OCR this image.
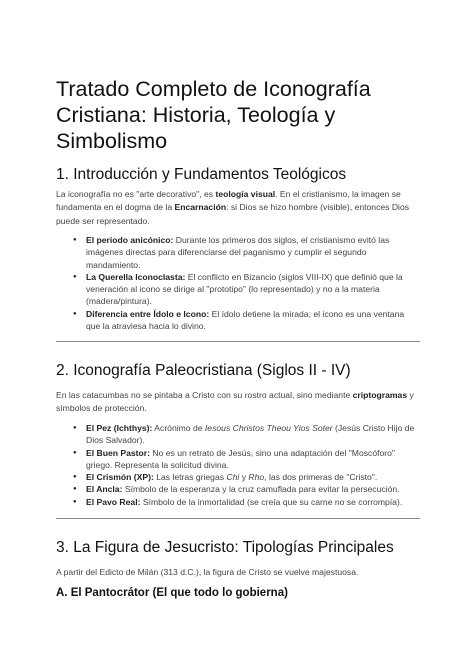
Tratado Completo de Iconografía Cristiana: Historia, Teología y Simbolismo
1. Introducción y Fundamentos Teológicos

La iconografía no es "arte decorativo", es teología visual. En el cristianismo, la imagen se fundamenta en el dogma de la Encarnación: si Dios se hizo hombre (visible), entonces Dios puede ser representado.

● El periodo anicónico: Durante los primeros dos siglos, el cristianismo evitó las imágenes directas para diferenciarse del paganismo y cumplir el segundo mandamiento.
● La Querella Iconoclasta: El conflicto en Bizancio (siglos VIII-IX) que definió que la veneración al icono se dirige al "prototipo" (lo representado) y no a la materia (madera/pintura).
● Diferencia entre Ídolo e Icono: El ídolo detiene la mirada; el icono es una ventana que la atraviesa hacia lo divino.
2. Iconografía Paleocristiana (Siglos II - IV)

En las catacumbas no se pintaba a Cristo con su rostro actual, sino mediante criptogramas y símbolos de protección.

● El Pez (Ichthys): Acrónimo de Iesous Christos Theou Yios Soter (Jesús Cristo Hijo de Dios Salvador).
● El Buen Pastor: No es un retrato de Jesús, sino una adaptación del "Moscóforo" griego. Representa la solicitud divina.
● El Crismón (XP): Las letras griegas Chi y Rho, las dos primeras de "Cristo".
● El Ancla: Símbolo de la esperanza y la cruz camuflada para evitar la persecución.
● El Pavo Real: Símbolo de la inmortalidad (se creía que su carne no se corrompía).
3. La Figura de Jesucristo: Tipologías Principales

A partir del Edicto de Milán (313 d.C.), la figura de Cristo se vuelve majestuosa.

A. El Pantocrátor (El que todo lo gobierna)
